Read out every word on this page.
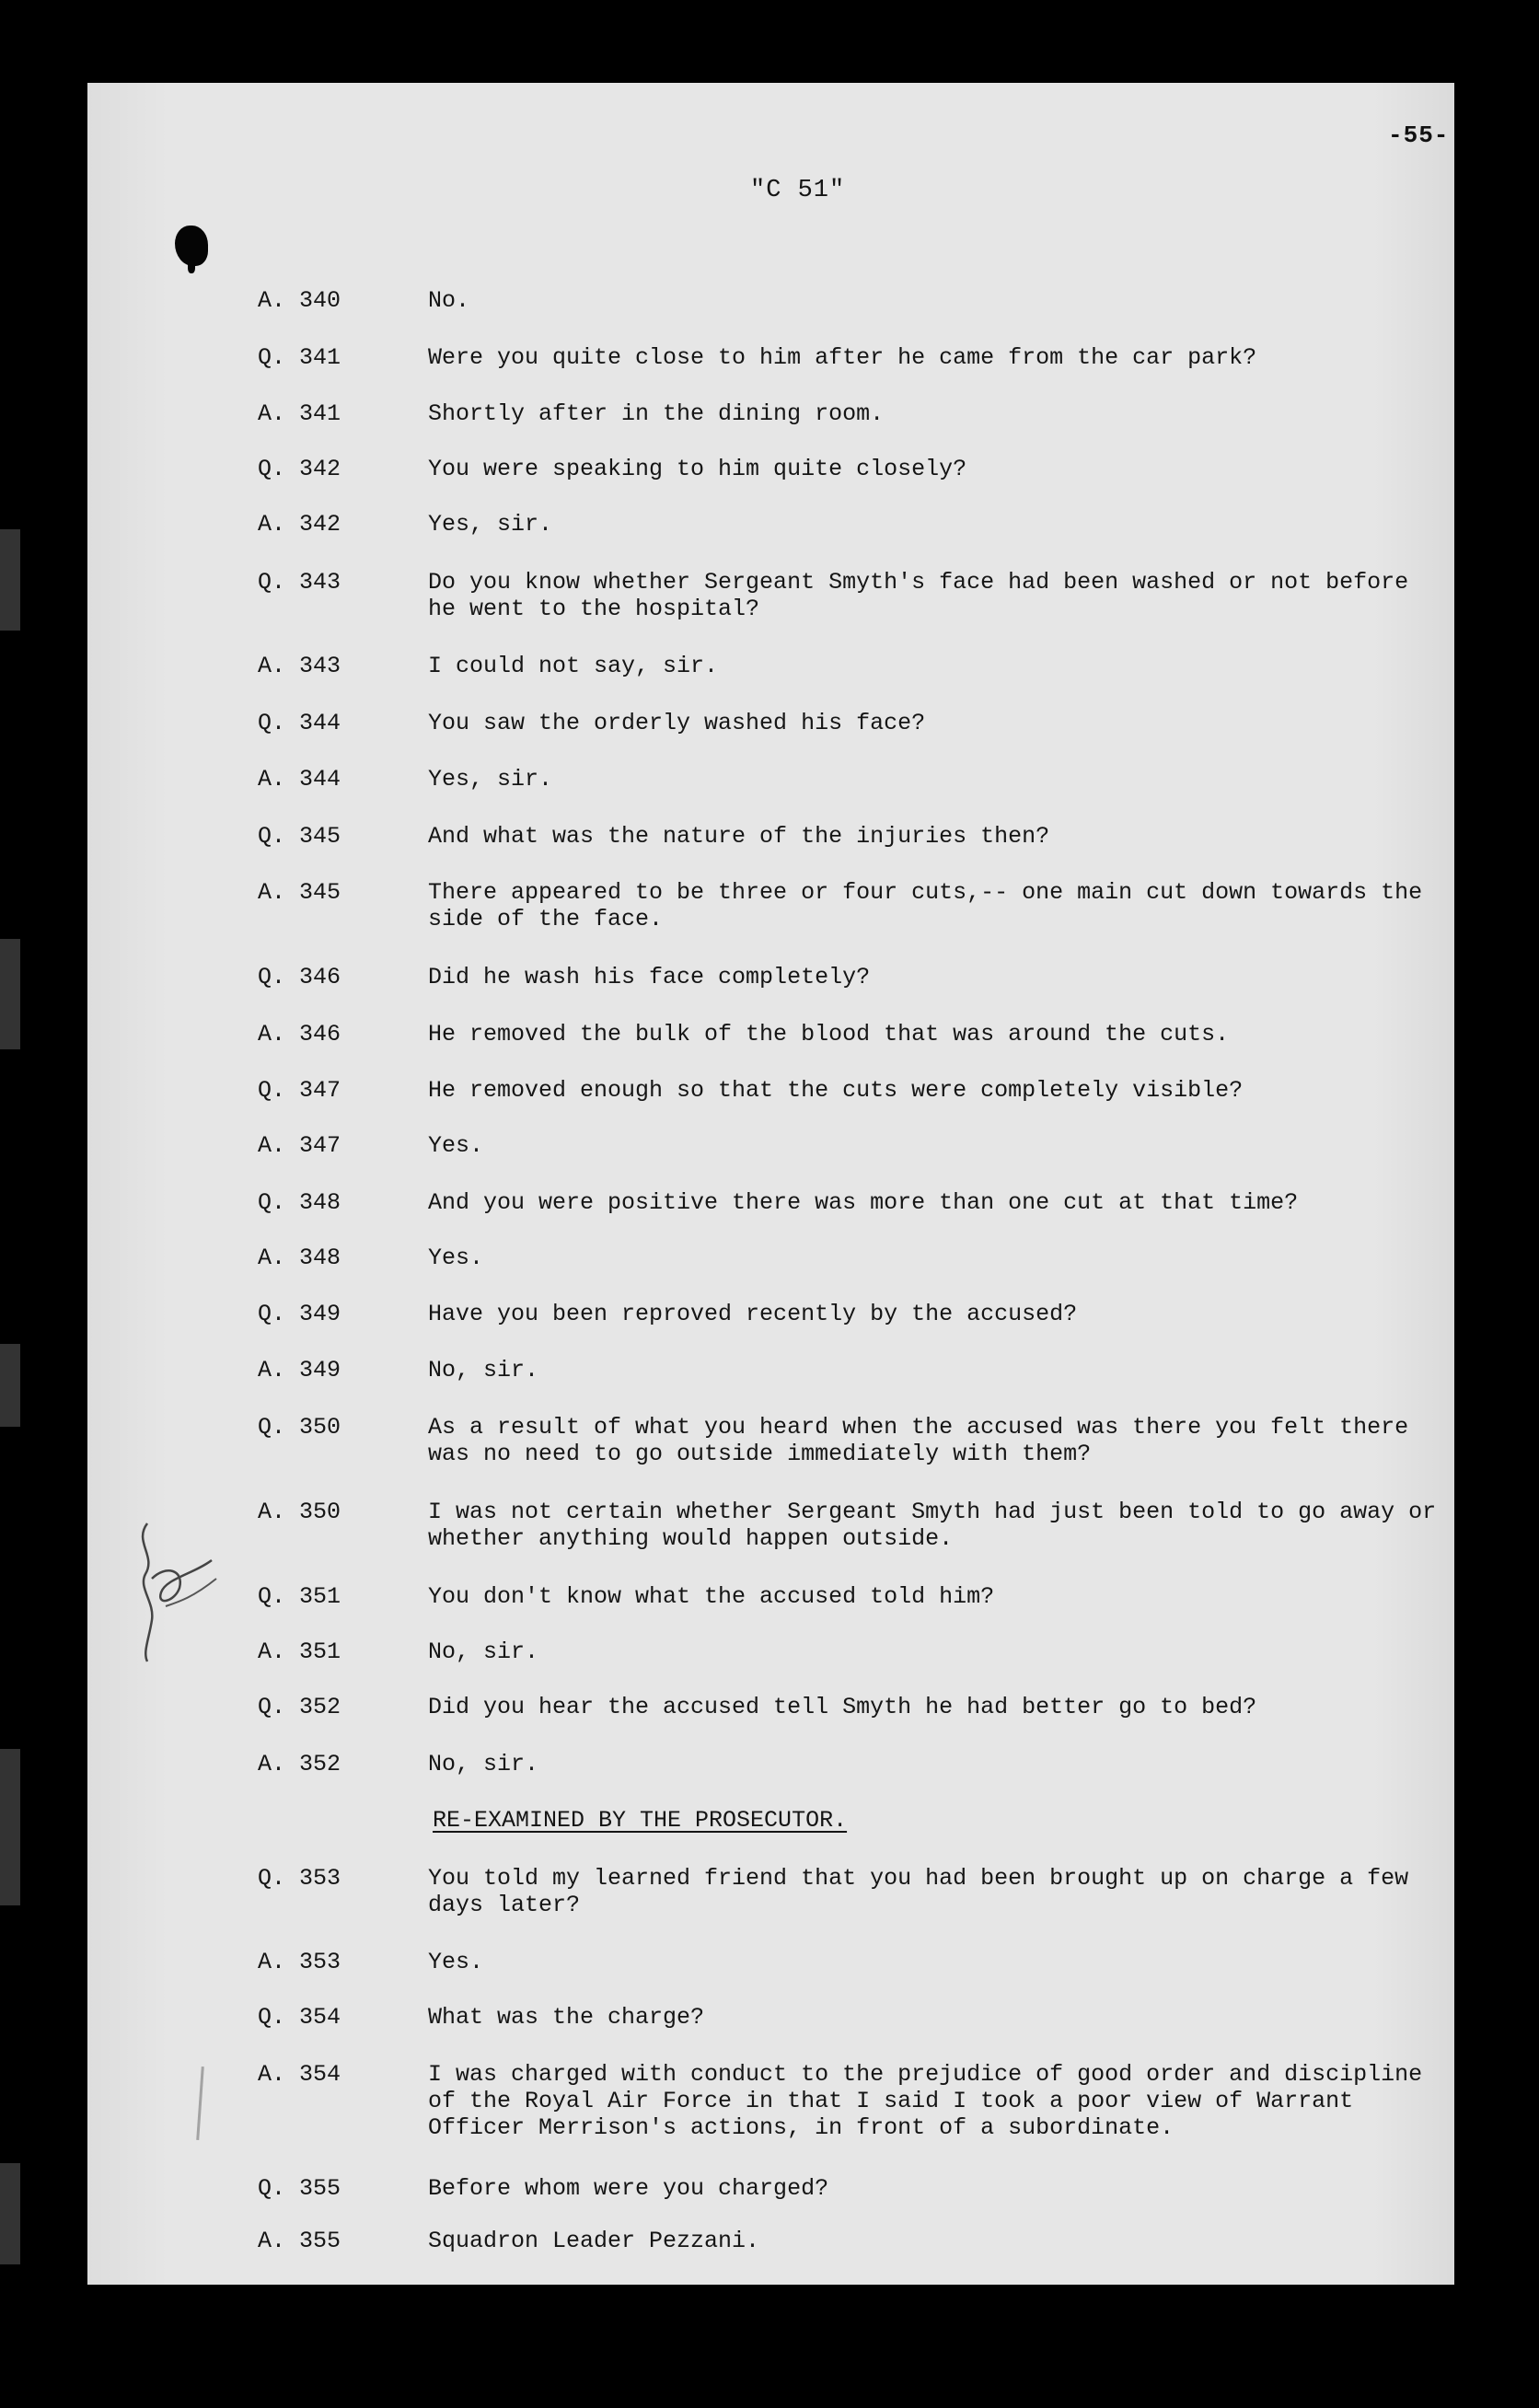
-55-
"C 51"
A. 340	No.
Q. 341	Were you quite close to him after he came from the car park?
A. 341	Shortly after in the dining room.
Q. 342	You were speaking to him quite closely?
A. 342	Yes, sir.
Q. 343	Do you know whether Sergeant Smyth's face had been washed or not before he went to the hospital?
A. 343	I could not say, sir.
Q. 344	You saw the orderly washed his face?
A. 344	Yes, sir.
Q. 345	And what was the nature of the injuries then?
A. 345	There appeared to be three or four cuts,-- one main cut down towards the side of the face.
Q. 346	Did he wash his face completely?
A. 346	He removed the bulk of the blood that was around the cuts.
Q. 347	He removed enough so that the cuts were completely visible?
A. 347	Yes.
Q. 348	And you were positive there was more than one cut at that time?
A. 348	Yes.
Q. 349	Have you been reproved recently by the accused?
A. 349	No, sir.
Q. 350	As a result of what you heard when the accused was there you felt there was no need to go outside immediately with them?
A. 350	I was not certain whether Sergeant Smyth had just been told to go away or whether anything would happen outside.
Q. 351	You don't know what the accused told him?
A. 351	No, sir.
Q. 352	Did you hear the accused tell Smyth he had better go to bed?
A. 352	No, sir.
RE-EXAMINED BY THE PROSECUTOR.
Q. 353	You told my learned friend that you had been brought up on charge a few days later?
A. 353	Yes.
Q. 354	What was the charge?
A. 354	I was charged with conduct to the prejudice of good order and discipline of the Royal Air Force in that I said I took a poor view of Warrant Officer Merrison's actions, in front of a subordinate.
Q. 355	Before whom were you charged?
A. 355	Squadron Leader Pezzani.
